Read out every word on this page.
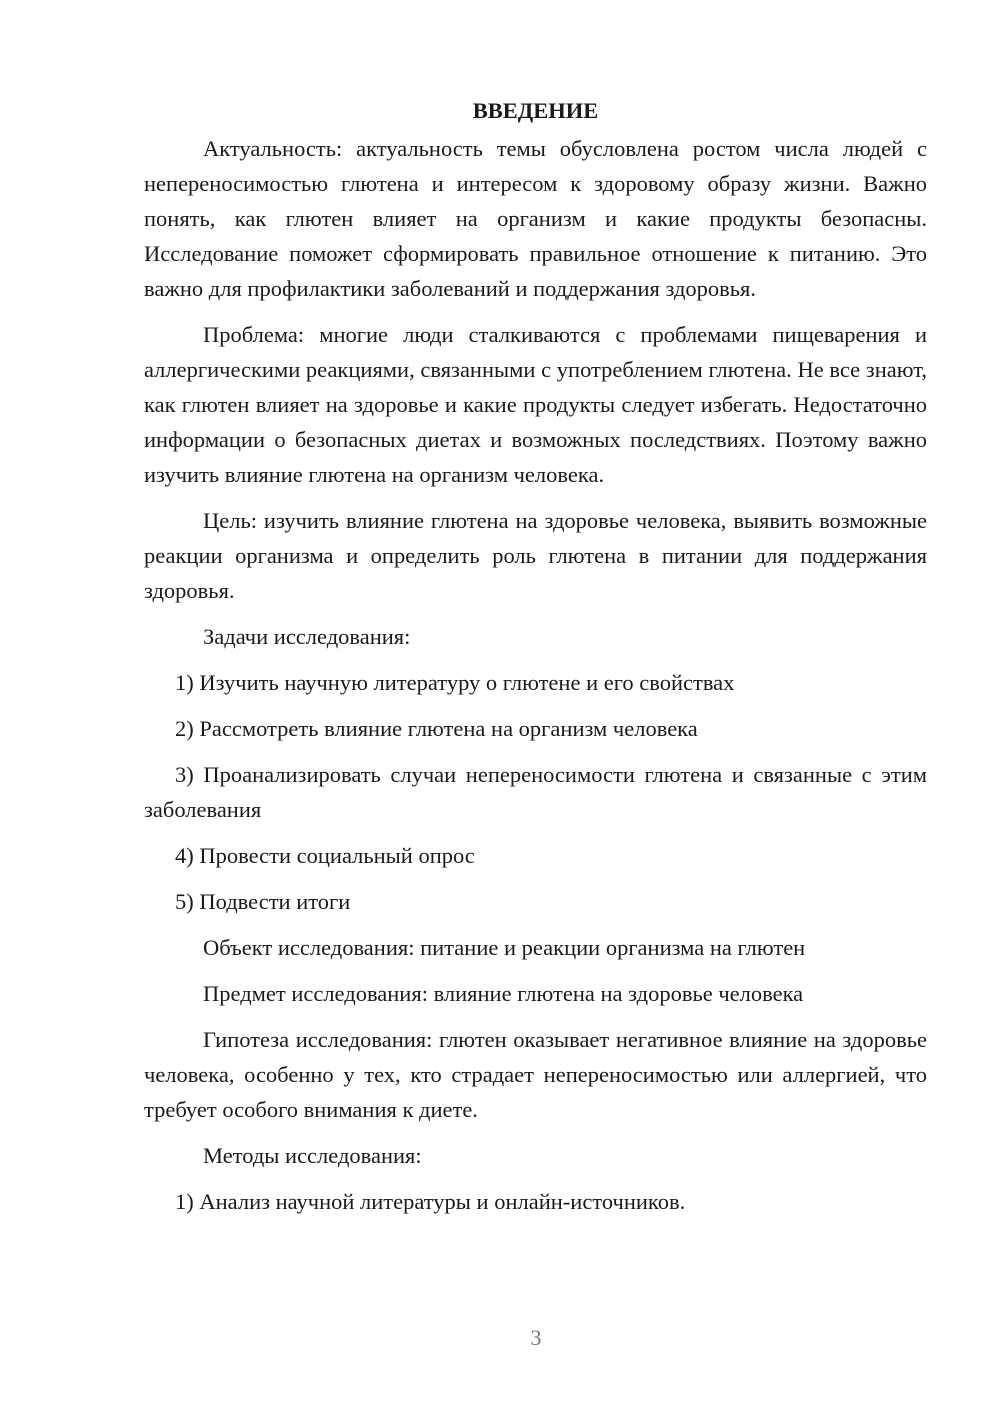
ВВЕДЕНИЕ

Актуальность: актуальность темы обусловлена ростом числа людей с непереносимостью глютена и интересом к здоровому образу жизни. Важно понять, как глютен влияет на организм и какие продукты безопасны. Исследование поможет сформировать правильное отношение к питанию. Это важно для профилактики заболеваний и поддержания здоровья.

Проблема: многие люди сталкиваются с проблемами пищеварения и аллергическими реакциями, связанными с употреблением глютена. Не все знают, как глютен влияет на здоровье и какие продукты следует избегать. Недостаточно информации о безопасных диетах и возможных последствиях. Поэтому важно изучить влияние глютена на организм человека.

Цель: изучить влияние глютена на здоровье человека, выявить возможные реакции организма и определить роль глютена в питании для поддержания здоровья.

Задачи исследования:

1) Изучить научную литературу о глютене и его свойствах

2) Рассмотреть влияние глютена на организм человека

3) Проанализировать случаи непереносимости глютена и связанные с этим заболевания

4) Провести социальный опрос

5) Подвести итоги

Объект исследования: питание и реакции организма на глютен

Предмет исследования: влияние глютена на здоровье человека

Гипотеза исследования: глютен оказывает негативное влияние на здоровье человека, особенно у тех, кто страдает непереносимостью или аллергией, что требует особого внимания к диете.

Методы исследования:

1) Анализ научной литературы и онлайн-источников.

3
